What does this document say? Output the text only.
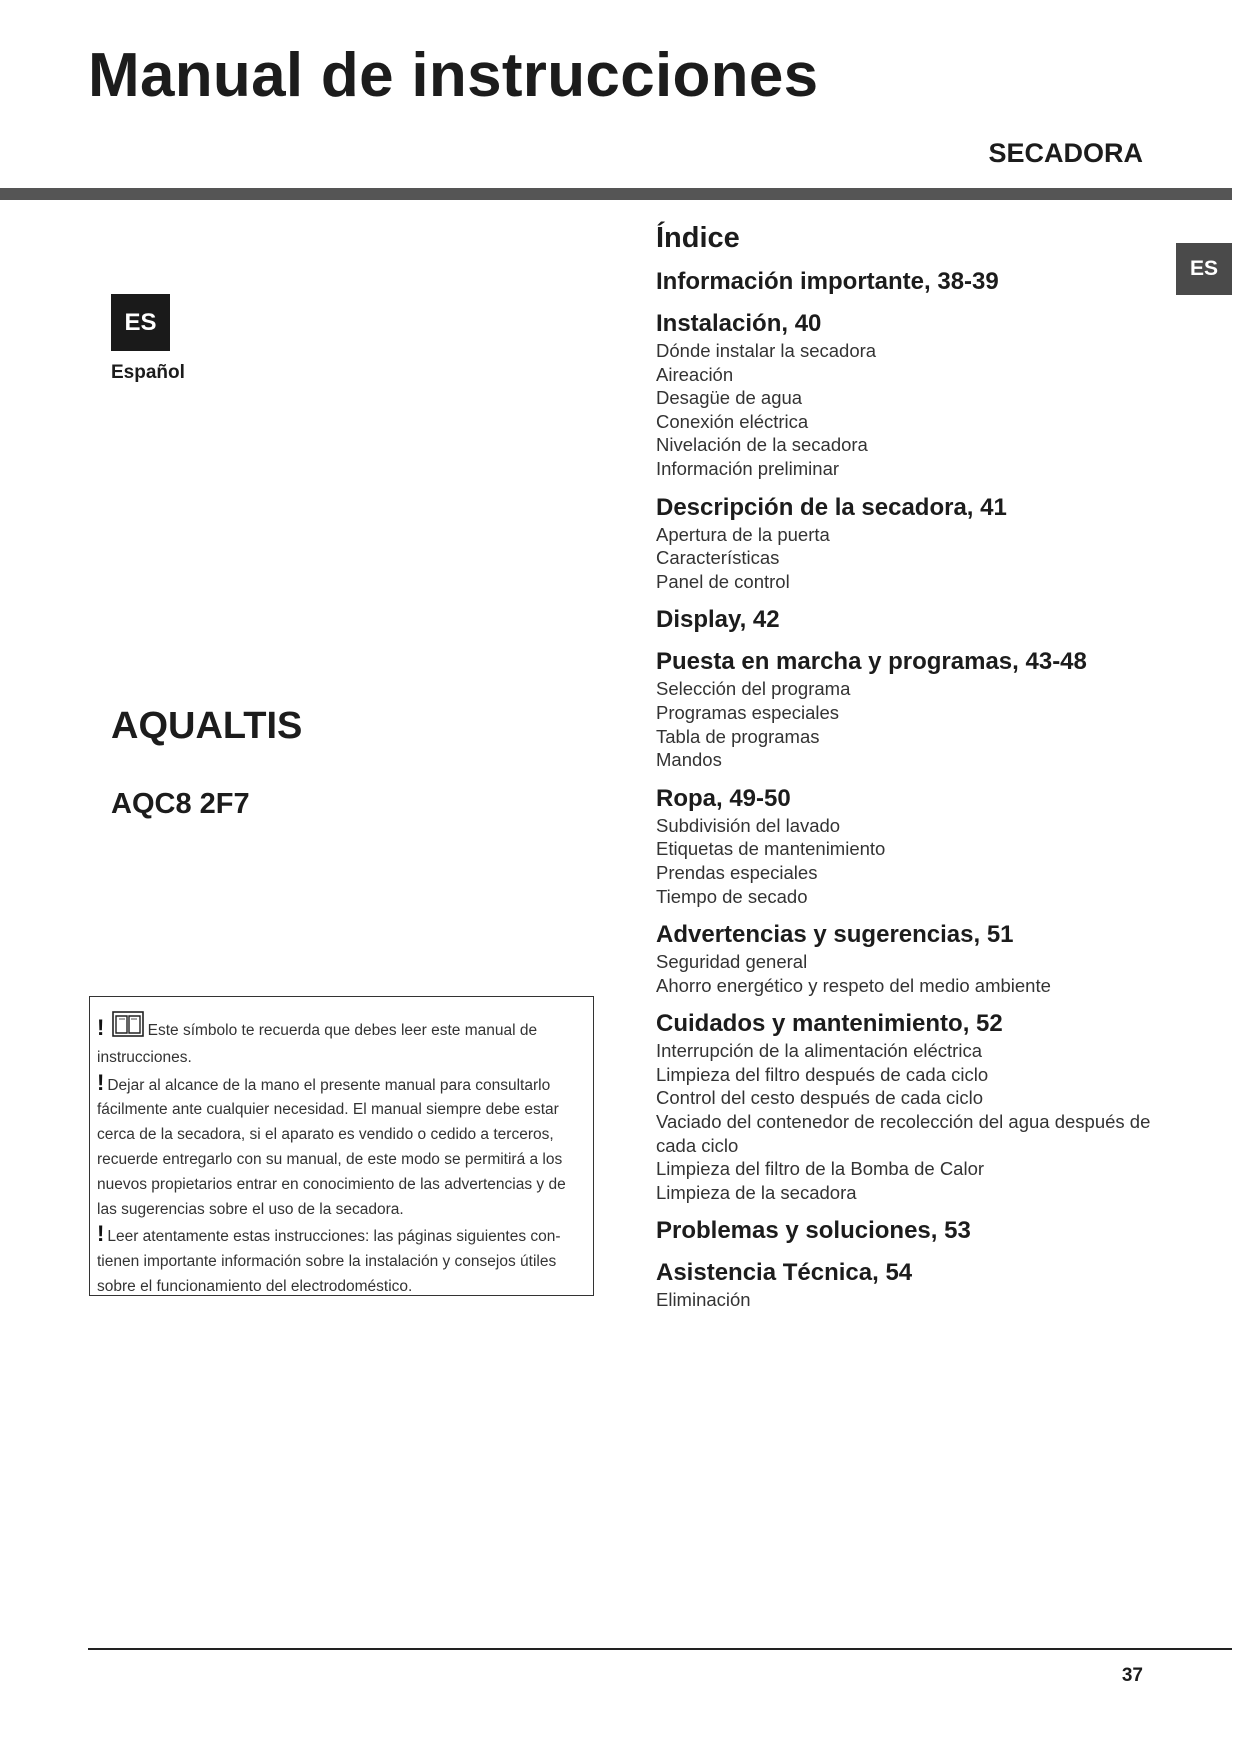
Manual de instrucciones
SECADORA
ES
ES
Español
AQUALTIS
AQC8 2F7

!	Este símbolo te recuerda que debes leer este manual de instrucciones.

! Dejar al alcance de la mano el presente manual para consultarlo fácilmente ante cualquier necesidad. El manual siempre debe estar cerca de la secadora, si el aparato es vendido o cedido a terceros, recuerde entregarlo con su manual, de este modo se permitirá a los nuevos propietarios entrar en conocimiento de las advertencias y de las sugerencias sobre el uso de la secadora.

! Leer atentamente estas instrucciones: las páginas siguientes contienen importante información sobre la instalación y consejos útiles sobre el funcionamiento del electrodoméstico.

Índice
Información importante, 38-39
Instalación, 40
Dónde instalar la secadora
Aireación
Desagüe de agua
Conexión eléctrica
Nivelación de la secadora
Información preliminar
Descripción de la secadora, 41
Apertura de la puerta
Características
Panel de control
Display, 42
Puesta en marcha y programas, 43-48
Selección del programa
Programas especiales
Tabla de programas
Mandos
Ropa, 49-50
Subdivisión del lavado
Etiquetas de mantenimiento
Prendas especiales
Tiempo de secado
Advertencias y sugerencias, 51
Seguridad general
Ahorro energético y respeto del medio ambiente
Cuidados y mantenimiento, 52
Interrupción de la alimentación eléctrica
Limpieza del filtro después de cada ciclo
Control del cesto después de cada ciclo
Vaciado del contenedor de recolección del agua después de cada ciclo
Limpieza del filtro de la Bomba de Calor
Limpieza de la secadora
Problemas y soluciones, 53
Asistencia Técnica, 54
Eliminación
37
